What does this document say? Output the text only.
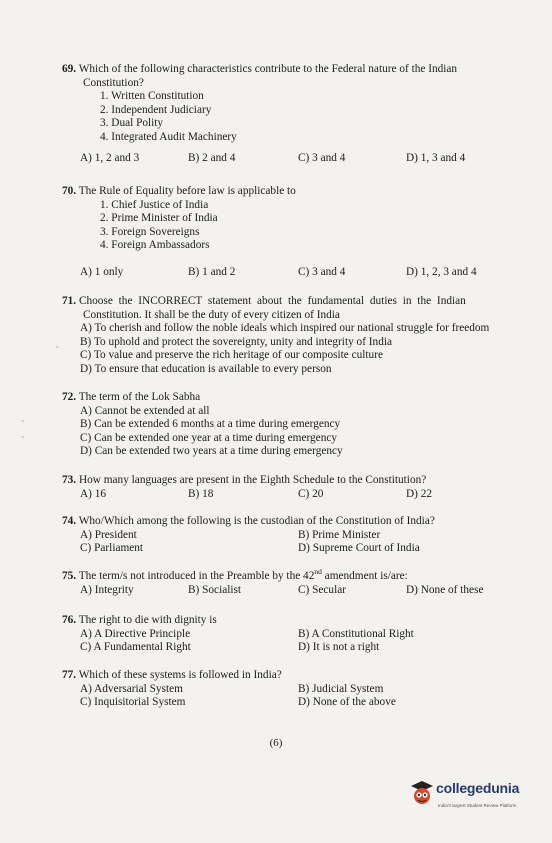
69. Which of the following characteristics contribute to the Federal nature of the Indian
Constitution?
1. Written Constitution
2. Independent Judiciary
3. Dual Polity
4. Integrated Audit Machinery
A) 1, 2 and 3	B) 2 and 4	C) 3 and 4	D) 1, 3 and 4
70. The Rule of Equality before law is applicable to
1. Chief Justice of India
2. Prime Minister of India
3. Foreign Sovereigns
4. Foreign Ambassadors
A) 1 only	B) 1 and 2	C) 3 and 4	D) 1, 2, 3 and 4
71. Choose the INCORRECT statement about the fundamental duties in the Indian
Constitution. It shall be the duty of every citizen of India
A) To cherish and follow the noble ideals which inspired our national struggle for freedom
B) To uphold and protect the sovereignty, unity and integrity of India
C) To value and preserve the rich heritage of our composite culture
D) To ensure that education is available to every person
72. The term of the Lok Sabha
A) Cannot be extended at all
B) Can be extended 6 months at a time during emergency
C) Can be extended one year at a time during emergency
D) Can be extended two years at a time during emergency
73. How many languages are present in the Eighth Schedule to the Constitution?
A) 16	B) 18	C) 20	D) 22
74. Who/Which among the following is the custodian of the Constitution of India?
A) President	B) Prime Minister
C) Parliament	D) Supreme Court of India
75. The term/s not introduced in the Preamble by the 42nd amendment is/are:
A) Integrity	B) Socialist	C) Secular	D) None of these
76. The right to die with dignity is
A) A Directive Principle	B) A Constitutional Right
C) A Fundamental Right	D) It is not a right
77. Which of these systems is followed in India?
A) Adversarial System	B) Judicial System
C) Inquisitorial System	D) None of the above
(6)
collegedunia
India's largest Student Review Platform
